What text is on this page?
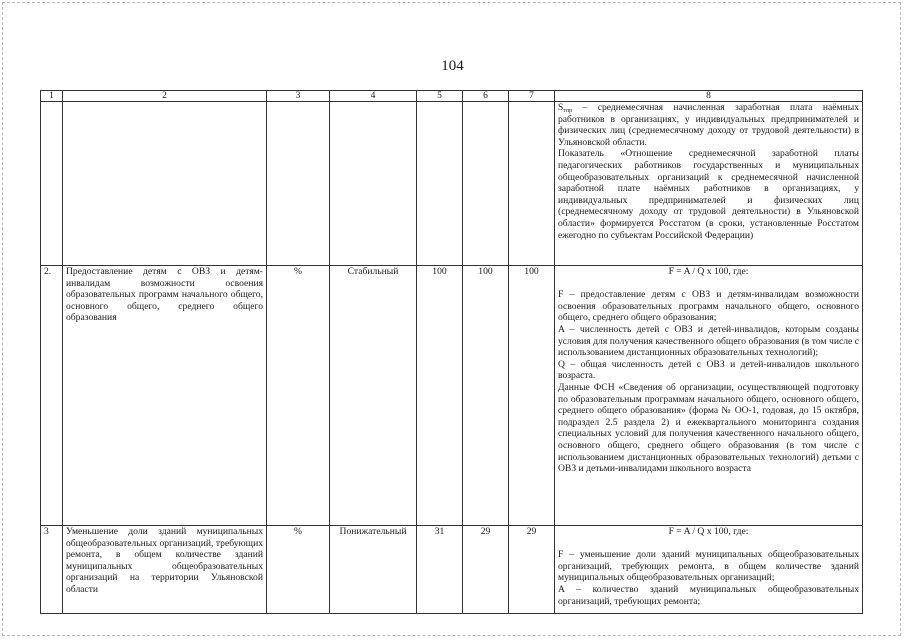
104
1	2	3	4	5	6	7	8

							$S_{тпр}$ – среднемесячная начисленная заработная плата наёмных работников в организациях, у индивидуальных предпринимателей и физических лиц (среднемесячному доходу от трудовой деятельности) в Ульяновской области.
Показатель «Отношение среднемесячной заработной платы педагогических работников государственных и муниципальных общеобразовательных организаций к среднемесячной начисленной заработной плате наёмных работников в организациях, у индивидуальных предпринимателей и физических лиц (среднемесячному доходу от трудовой деятельности) в Ульяновской области» формируется Росстатом (в сроки, установленные Росстатом ежегодно по субъектам Российской Федерации)

2.	Предоставление детям с ОВЗ и детям-инвалидам возможности освоения образовательных программ начального общего, основного общего, среднего общего образования	%	Стабильный	100	100	100	F = A / Q х 100, где:
F – предоставление детям с ОВЗ и детям-инвалидам возможности освоения образовательных программ начального общего, основного общего, среднего общего образования;
A – численность детей с ОВЗ и детей-инвалидов, которым созданы условия для получения качественного общего образования (в том числе с использованием дистанционных образовательных технологий);
Q – общая численность детей с ОВЗ и детей-инвалидов школьного возраста.
Данные ФСН «Сведения об организации, осуществляющей подготовку по образовательным программам начального общего, основного общего, среднего общего образования» (форма № ОО-1, годовая, до 15 октября, подраздел 2.5 раздела 2) и ежеквартального мониторинга создания специальных условий для получения качественного начального общего, основного общего, среднего общего образования (в том числе с использованием дистанционных образовательных технологий) детьми с ОВЗ и детьми-инвалидами школьного возраста

3	Уменьшение доли зданий муниципальных общеобразовательных организаций, требующих ремонта, в общем количестве зданий муниципальных общеобразовательных организаций на территории Ульяновской области	%	Понижательный	31	29	29	F = A / Q х 100, где:
F – уменьшение доли зданий муниципальных общеобразовательных организаций, требующих ремонта, в общем количестве зданий муниципальных общеобразовательных организаций;
A – количество зданий муниципальных общеобразовательных организаций, требующих ремонта;
